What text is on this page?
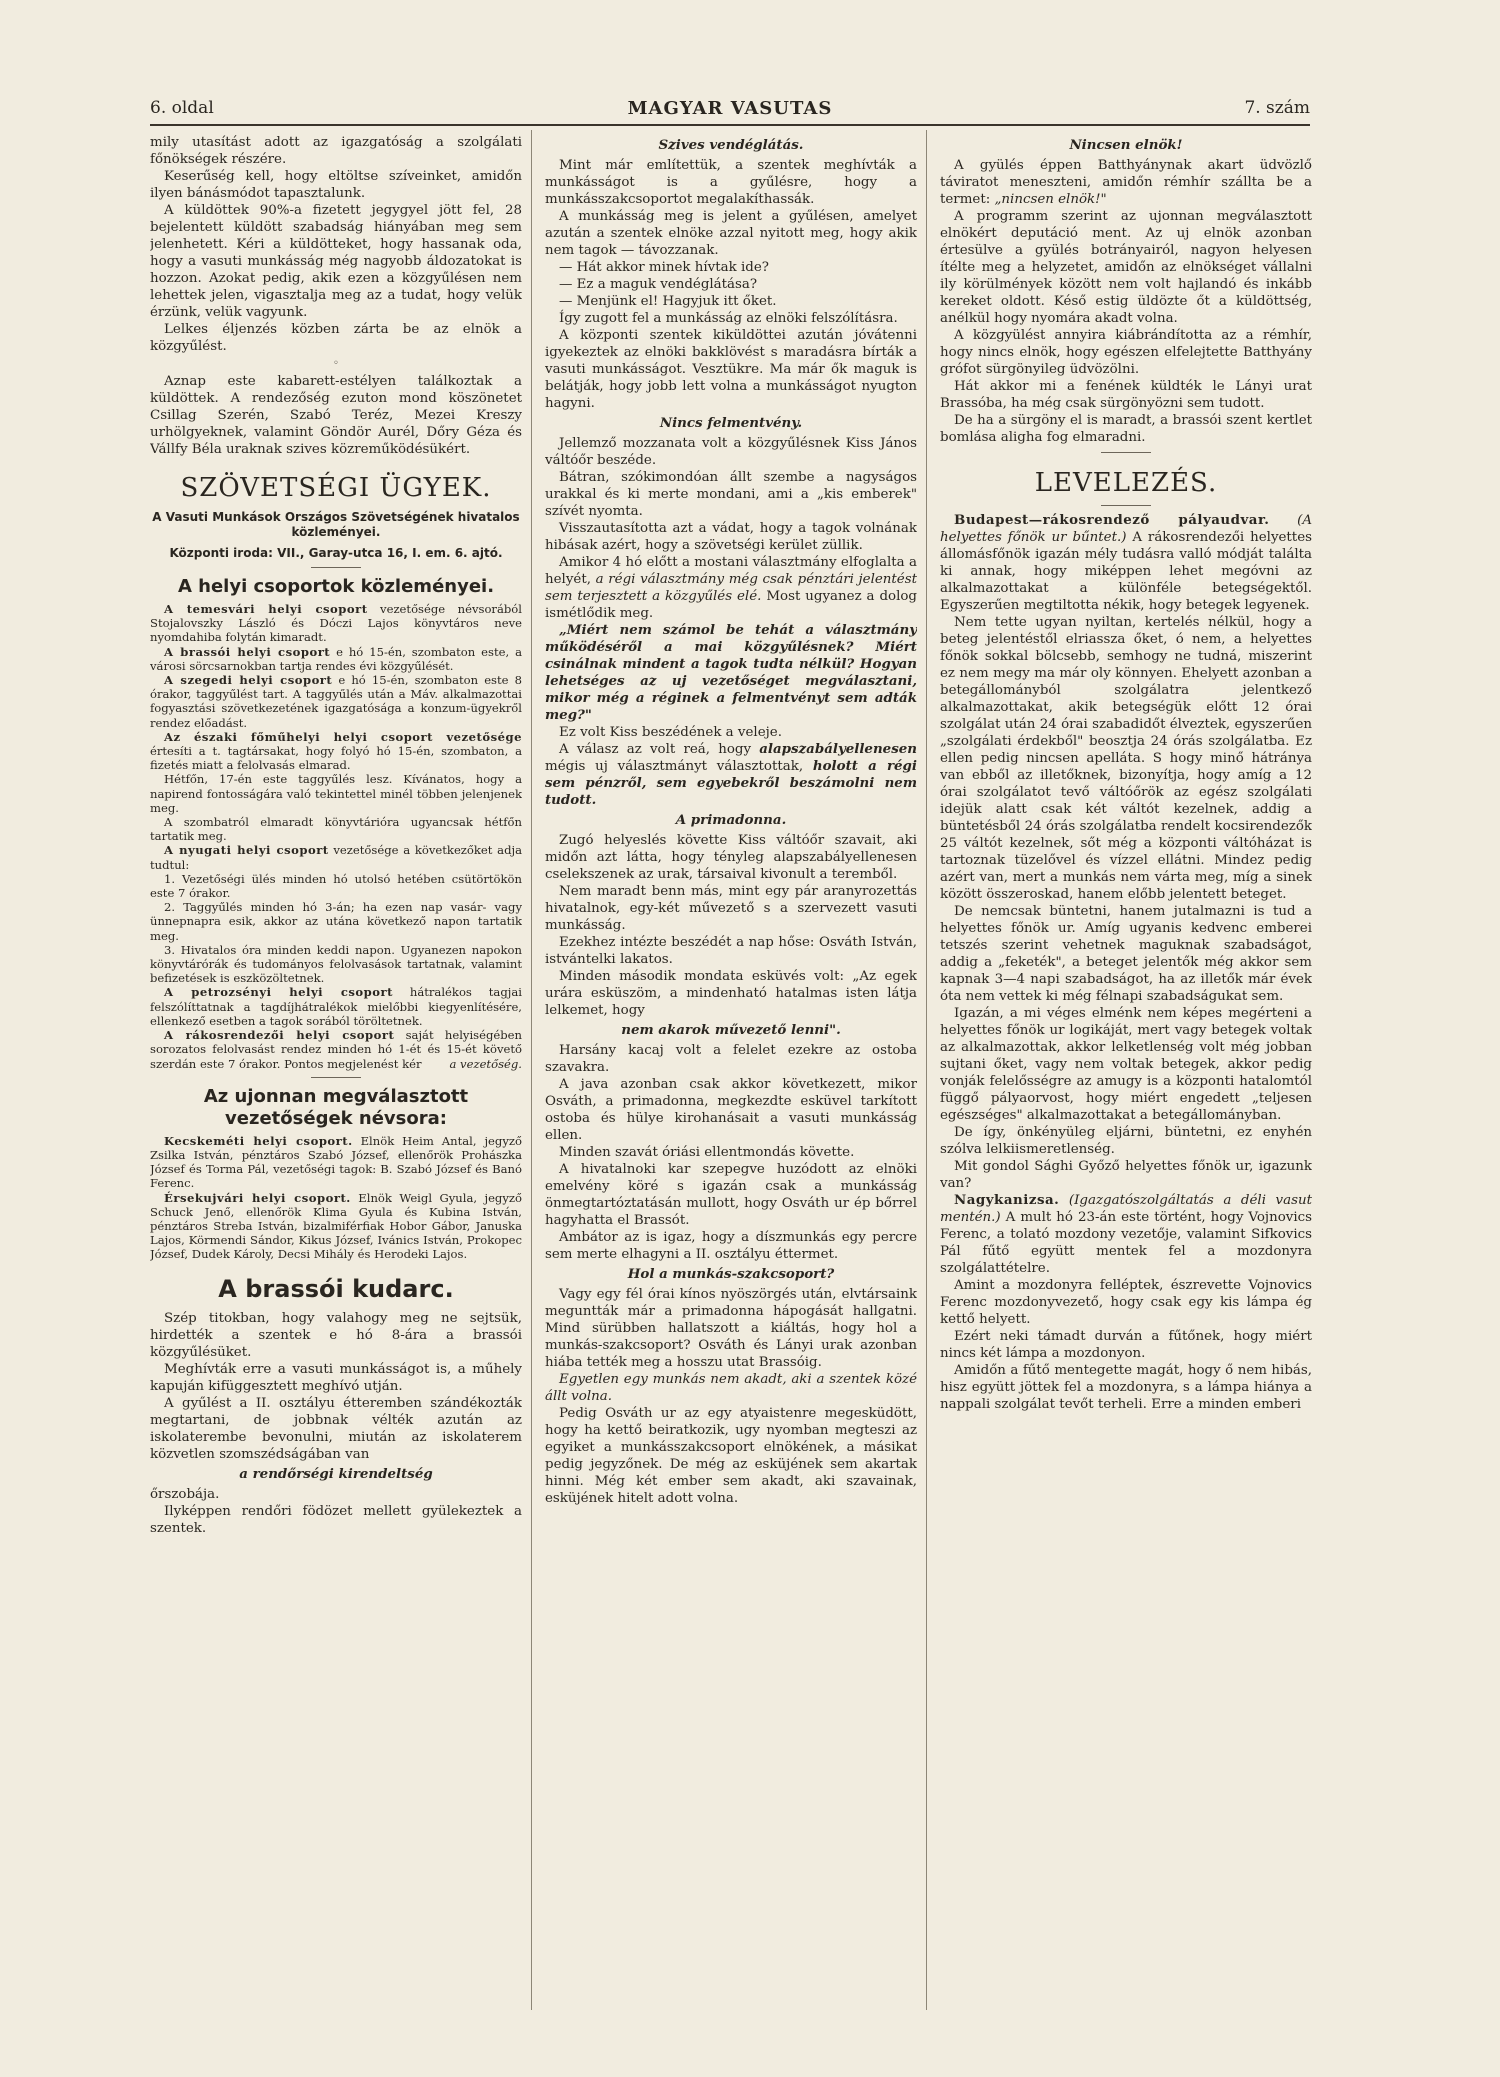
6. oldal	MAGYAR VASUTAS	7. szám

mily utasítást adott az igazgatóság a szolgálati főnökségek részére.

Keserűség kell, hogy eltöltse szíveinket, amidőn ilyen bánásmódot tapasztalunk.

A küldöttek 90%-a fizetett jegygyel jött fel, 28 bejelentett küldött szabadság hiányában meg sem jelenhetett. Kéri a küldötteket, hogy hassanak oda, hogy a vasuti munkásság még nagyobb áldozatokat is hozzon. Azokat pedig, akik ezen a közgyűlésen nem lehettek jelen, vigasztalja meg az a tudat, hogy velük érzünk, velük vagyunk.

Lelkes éljenzés közben zárta be az elnök a közgyűlést.

◦

Aznap este kabarett-estélyen találkoztak a küldöttek. A rendezőség ezuton mond köszönetet Csillag Szerén, Szabó Teréz, Mezei Kreszy urhölgyeknek, valamint Göndör Aurél, Dőry Géza és Vállfy Béla uraknak szives közreműködésükért.

SZÖVETSÉGI ÜGYEK.
A Vasuti Munkások Országos Szövetségének hivatalos közleményei.
Központi iroda: VII., Garay-utca 16, I. em. 6. ajtó.
A helyi csoportok közleményei.

A temesvári helyi csoport vezetősége névsorából Stojalovszky László és Dóczi Lajos könyvtáros neve nyomdahiba folytán kimaradt.

A brassói helyi csoport e hó 15-én, szombaton este, a városi sörcsarnokban tartja rendes évi közgyűlését.

A szegedi helyi csoport e hó 15-én, szombaton este 8 órakor, taggyűlést tart. A taggyűlés után a Máv. alkalmazottai fogyasztási szövetkezetének igazgatósága a konzum-ügyekről rendez előadást.

Az északi főműhelyi helyi csoport vezetősége értesíti a t. tagtársakat, hogy folyó hó 15-én, szombaton, a fizetés miatt a felolvasás elmarad.

Hétfőn, 17-én este taggyűlés lesz. Kívánatos, hogy a napirend fontosságára való tekintettel minél többen jelenjenek meg.

A szombatról elmaradt könyvtárióra ugyancsak hétfőn tartatik meg.

A nyugati helyi csoport vezetősége a következőket adja tudtul:

1. Vezetőségi ülés minden hó utolsó hetében csütörtökön este 7 órakor.

2. Taggyűlés minden hó 3-án; ha ezen nap vasár- vagy ünnepnapra esik, akkor az utána következő napon tartatik meg.

3. Hivatalos óra minden keddi napon. Ugyanezen napokon könyvtárórák és tudományos felolvasások tartatnak, valamint befizetések is eszközöltetnek.

A petrozsényi helyi csoport hátralékos tagjai felszólíttatnak a tagdíjhátralékok mielőbbi kiegyenlítésére, ellenkező esetben a tagok sorából töröltetnek.

A rákosrendezői helyi csoport saját helyiségében sorozatos felolvasást rendez minden hó 1-ét és 15-ét követő szerdán este 7 órakor. Pontos megjelenést kér	a vezetőség.

Az ujonnan megválasztott vezetőségek névsora:

Kecskeméti helyi csoport. Elnök Heim Antal, jegyző Zsilka István, pénztáros Szabó József, ellenőrök Prohászka József és Torma Pál, vezetőségi tagok: B. Szabó József és Banó Ferenc.

Érsekujvári helyi csoport. Elnök Weigl Gyula, jegyző Schuck Jenő, ellenőrök Klima Gyula és Kubina István, pénztáros Streba István, bizalmiférfiak Hobor Gábor, Januska Lajos, Körmendi Sándor, Kikus József, Ivánics István, Prokopec József, Dudek Károly, Decsi Mihály és Herodeki Lajos.

A brassói kudarc.

Szép titokban, hogy valahogy meg ne sejtsük, hirdették a szentek e hó 8-ára a brassói közgyűlésüket.

Meghívták erre a vasuti munkásságot is, a műhely kapuján kifüggesztett meghívó utján.

A gyűlést a II. osztályu étteremben szándékozták megtartani, de jobbnak vélték azután az iskolaterembe bevonulni, miután az iskolaterem közvetlen szomszédságában van

a rendőrségi kirendeltség

őrszobája.

Ilyképpen rendőri födözet mellett gyülekeztek a szentek.

Szives vendéglátás.

Mint már említettük, a szentek meghívták a munkásságot is a gyűlésre, hogy a munkásszakcsoportot megalakíthassák.

A munkásság meg is jelent a gyűlésen, amelyet azután a szentek elnöke azzal nyitott meg, hogy akik nem tagok — távozzanak.

— Hát akkor minek hívtak ide?

— Ez a maguk vendéglátása?

— Menjünk el! Hagyjuk itt őket.

Így zugott fel a munkásság az elnöki felszólításra.

A központi szentek kiküldöttei azután jóvátenni igyekeztek az elnöki bakklövést s maradásra bírták a vasuti munkásságot. Vesztükre. Ma már ők maguk is belátják, hogy jobb lett volna a munkásságot nyugton hagyni.

Nincs felmentvény.

Jellemző mozzanata volt a közgyűlésnek Kiss János váltóőr beszéde.

Bátran, szókimondóan állt szembe a nagyságos urakkal és ki merte mondani, ami a „kis emberek" szívét nyomta.

Visszautasította azt a vádat, hogy a tagok volnának hibásak azért, hogy a szövetségi kerület züllik.

Amikor 4 hó előtt a mostani választmány elfoglalta a helyét, a régi választmány még csak pénztári jelentést sem terjesztett a közgyűlés elé. Most ugyanez a dolog ismétlődik meg.

„Miért nem számol be tehát a választmány működéséről a mai közgyűlésnek? Miért csinálnak mindent a tagok tudta nélkül? Hogyan lehetséges az uj vezetőséget megválasztani, mikor még a réginek a felmentvényt sem adták meg?"

Ez volt Kiss beszédének a veleje.

A válasz az volt reá, hogy alapszabályellenesen mégis uj választmányt választottak, holott a régi sem pénzről, sem egyebekről beszámolni nem tudott.

A primadonna.

Zugó helyeslés követte Kiss váltóőr szavait, aki midőn azt látta, hogy tényleg alapszabályellenesen cselekszenek az urak, társaival kivonult a teremből.

Nem maradt benn más, mint egy pár aranyrozettás hivatalnok, egy-két művezető s a szervezett vasuti munkásság.

Ezekhez intézte beszédét a nap hőse: Osváth István, istvántelki lakatos.

Minden második mondata esküvés volt: „Az egek urára esküszöm, a mindenható hatalmas isten látja lelkemet, hogy

nem akarok művezető lenni".

Harsány kacaj volt a felelet ezekre az ostoba szavakra.

A java azonban csak akkor következett, mikor Osváth, a primadonna, megkezdte esküvel tarkított ostoba és hülye kirohanásait a vasuti munkásság ellen.

Minden szavát óriási ellentmondás követte.

A hivatalnoki kar szepegve huzódott az elnöki emelvény köré s igazán csak a munkásság önmegtartóztatásán mullott, hogy Osváth ur ép bőrrel hagyhatta el Brassót.

Ambátor az is igaz, hogy a díszmunkás egy percre sem merte elhagyni a II. osztályu éttermet.

Hol a munkás-szakcsoport?

Vagy egy fél órai kínos nyöszörgés után, elvtársaink meguntták már a primadonna hápogását hallgatni. Mind sürübben hallatszott a kiáltás, hogy hol a munkás-szakcsoport? Osváth és Lányi urak azonban hiába tették meg a hosszu utat Brassóig.

Egyetlen egy munkás nem akadt, aki a szentek közé állt volna.

Pedig Osváth ur az egy atyaistenre megesküdött, hogy ha kettő beiratkozik, ugy nyomban megteszi az egyiket a munkásszakcsoport elnökének, a másikat pedig jegyzőnek. De még az esküjének sem akartak hinni. Még két ember sem akadt, aki szavainak, esküjének hitelt adott volna.

Nincsen elnök!

A gyülés éppen Batthyánynak akart üdvözlő táviratot meneszteni, amidőn rémhír szállta be a termet: „nincsen elnök!"

A programm szerint az ujonnan megválasztott elnökért deputáció ment. Az uj elnök azonban értesülve a gyülés botrányairól, nagyon helyesen ítélte meg a helyzetet, amidőn az elnökséget vállalni ily körülmények között nem volt hajlandó és inkább kereket oldott. Késő estig üldözte őt a küldöttség, anélkül hogy nyomára akadt volna.

A közgyülést annyira kiábrándította az a rémhír, hogy nincs elnök, hogy egészen elfelejtette Batthyány grófot sürgönyileg üdvözölni.

Hát akkor mi a fenének küldték le Lányi urat Brassóba, ha még csak sürgönyözni sem tudott.

De ha a sürgöny el is maradt, a brassói szent kertlet bomlása aligha fog elmaradni.

LEVELEZÉS.

Budapest—rákosrendező pályaudvar. (A helyettes főnök ur bűntet.) A rákosrendezői helyettes állomásfőnök igazán mély tudásra valló módját találta ki annak, hogy miképpen lehet megóvni az alkalmazottakat a különféle betegségektől. Egyszerűen megtiltotta nékik, hogy betegek legyenek.

Nem tette ugyan nyiltan, kertelés nélkül, hogy a beteg jelentéstől elriassza őket, ó nem, a helyettes főnök sokkal bölcsebb, semhogy ne tudná, miszerint ez nem megy ma már oly könnyen. Ehelyett azonban a betegállományból szolgálatra jelentkező alkalmazottakat, akik betegségük előtt 12 órai szolgálat után 24 órai szabadidőt élveztek, egyszerűen „szolgálati érdekből" beosztja 24 órás szolgálatba. Ez ellen pedig nincsen apelláta. S hogy minő hátránya van ebből az illetőknek, bizonyítja, hogy amíg a 12 órai szolgálatot tevő váltóőrök az egész szolgálati idejük alatt csak két váltót kezelnek, addig a büntetésből 24 órás szolgálatba rendelt kocsirendezők 25 váltót kezelnek, sőt még a központi váltóházat is tartoznak tüzelővel és vízzel ellátni. Mindez pedig azért van, mert a munkás nem várta meg, míg a sinek között összeroskad, hanem előbb jelentett beteget.

De nemcsak büntetni, hanem jutalmazni is tud a helyettes főnök ur. Amíg ugyanis kedvenc emberei tetszés szerint vehetnek maguknak szabadságot, addig a „feketék", a beteget jelentők még akkor sem kapnak 3—4 napi szabadságot, ha az illetők már évek óta nem vettek ki még félnapi szabadságukat sem.

Igazán, a mi véges elménk nem képes megérteni a helyettes főnök ur logikáját, mert vagy betegek voltak az alkalmazottak, akkor lelketlenség volt még jobban sujtani őket, vagy nem voltak betegek, akkor pedig vonják felelősségre az amugy is a központi hatalomtól függő pályaorvost, hogy miért engedett „teljesen egészséges" alkalmazottakat a betegállományban.

De így, önkényüleg eljárni, büntetni, ez enyhén szólva lelkiismeretlenség.

Mit gondol Sághi Győző helyettes főnök ur, igazunk van?

Nagykanizsa. (Igazgatószolgáltatás a déli vasut mentén.) A mult hó 23-án este történt, hogy Vojnovics Ferenc, a tolató mozdony vezetője, valamint Sifkovics Pál fűtő együtt mentek fel a mozdonyra szolgálattételre.

Amint a mozdonyra felléptek, észrevette Vojnovics Ferenc mozdonyvezető, hogy csak egy kis lámpa ég kettő helyett.

Ezért neki támadt durván a fűtőnek, hogy miért nincs két lámpa a mozdonyon.

Amidőn a fűtő mentegette magát, hogy ő nem hibás, hisz együtt jöttek fel a mozdonyra, s a lámpa hiánya a nappali szolgálat tevőt terheli. Erre a minden emberi
